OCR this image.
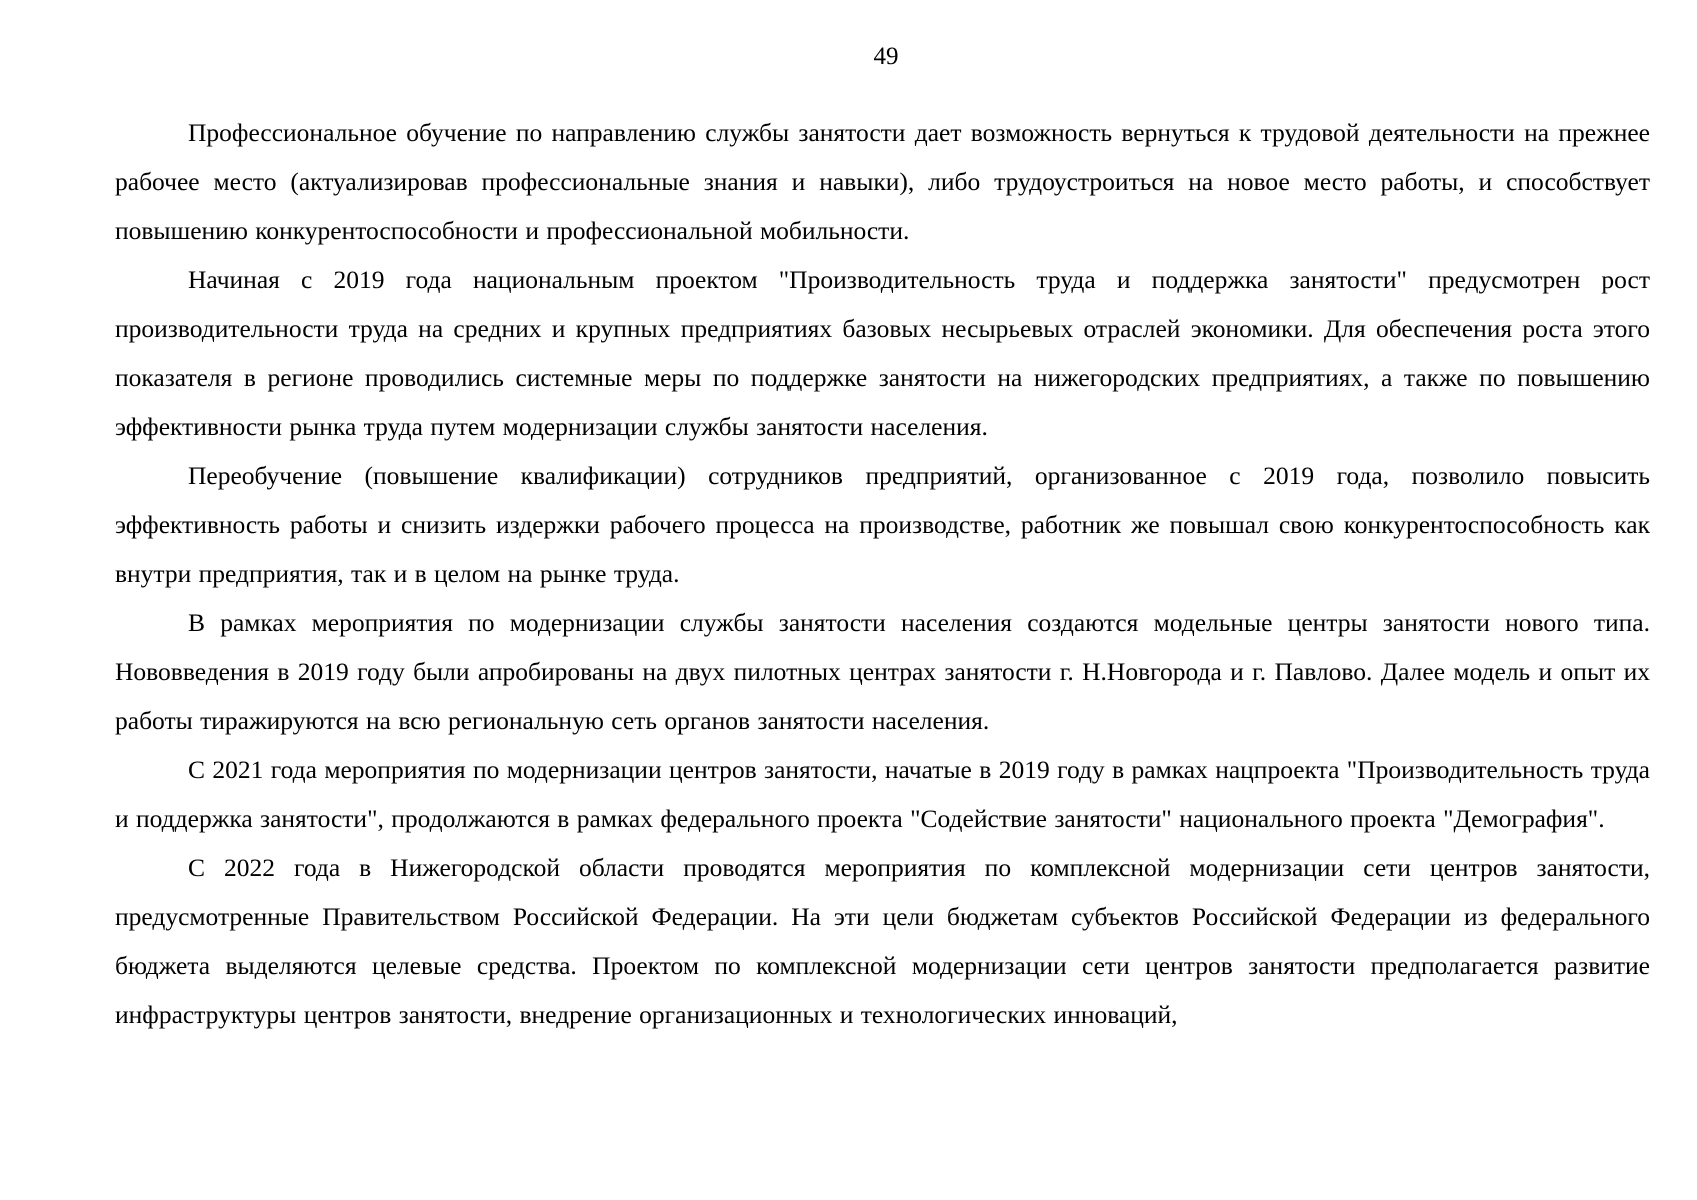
49

Профессиональное обучение по направлению службы занятости дает возможность вернуться к трудовой деятельности на прежнее рабочее место (актуализировав профессиональные знания и навыки), либо трудоустроиться на новое место работы, и способствует повышению конкурентоспособности и профессиональной мобильности.

Начиная с 2019 года национальным проектом "Производительность труда и поддержка занятости" предусмотрен рост производительности труда на средних и крупных предприятиях базовых несырьевых отраслей экономики. Для обеспечения роста этого показателя в регионе проводились системные меры по поддержке занятости на нижегородских предприятиях, а также по повышению эффективности рынка труда путем модернизации службы занятости населения.

Переобучение (повышение квалификации) сотрудников предприятий, организованное с 2019 года, позволило повысить эффективность работы и снизить издержки рабочего процесса на производстве, работник же повышал свою конкурентоспособность как внутри предприятия, так и в целом на рынке труда.

В рамках мероприятия по модернизации службы занятости населения создаются модельные центры занятости нового типа. Нововведения в 2019 году были апробированы на двух пилотных центрах занятости г. Н.Новгорода и г. Павлово. Далее модель и опыт их работы тиражируются на всю региональную сеть органов занятости населения.

С 2021 года мероприятия по модернизации центров занятости, начатые в 2019 году в рамках нацпроекта "Производительность труда и поддержка занятости", продолжаются в рамках федерального проекта "Содействие занятости" национального проекта "Демография".

С 2022 года в Нижегородской области проводятся мероприятия по комплексной модернизации сети центров занятости, предусмотренные Правительством Российской Федерации. На эти цели бюджетам субъектов Российской Федерации из федерального бюджета выделяются целевые средства. Проектом по комплексной модернизации сети центров занятости предполагается развитие инфраструктуры центров занятости, внедрение организационных и технологических инноваций,
